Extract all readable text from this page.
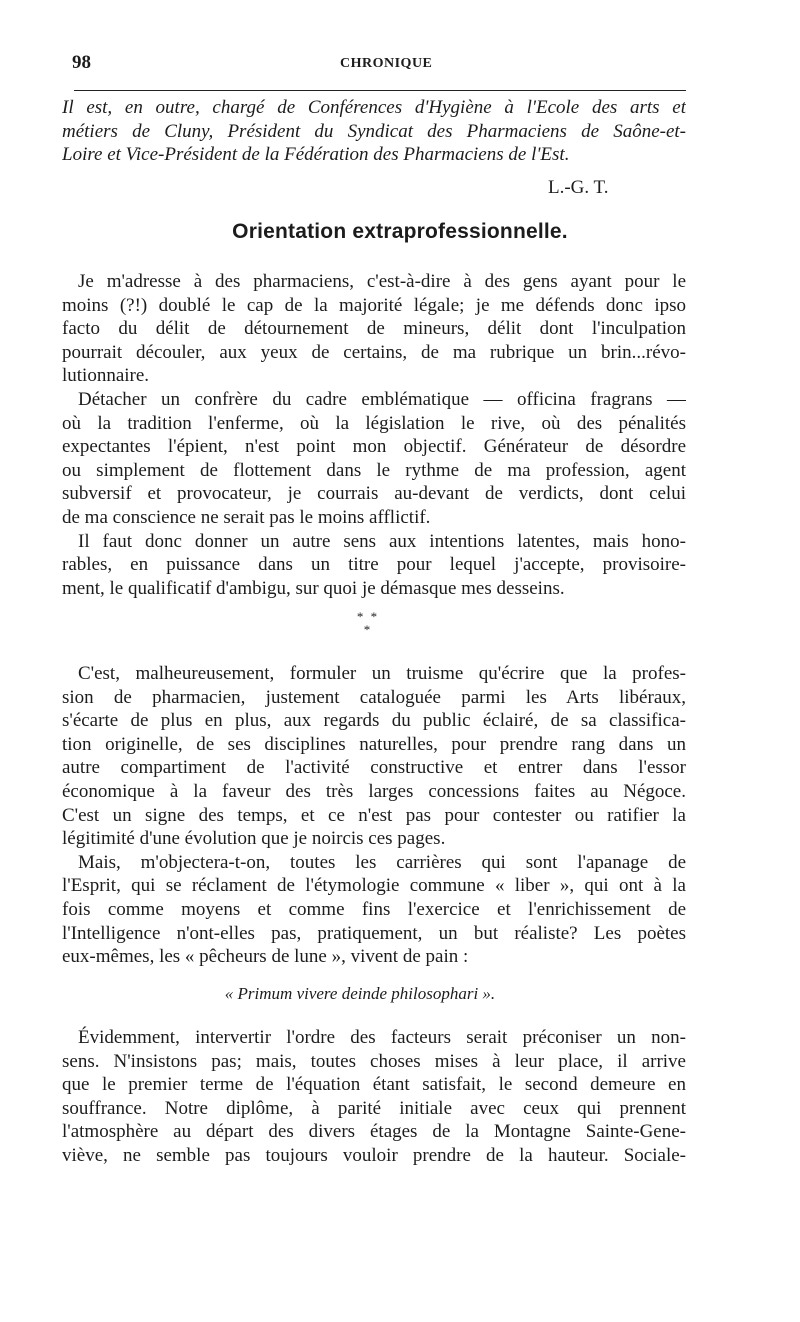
98	CHRONIQUE
Il est, en outre, chargé de Conférences d'Hygiène à l'Ecole des arts et
métiers de Cluny, Président du Syndicat des Pharmaciens de Saône-et-
Loire et Vice-Président de la Fédération des Pharmaciens de l'Est.
L.-G. T.
Orientation extraprofessionnelle.
Je m'adresse à des pharmaciens, c'est-à-dire à des gens ayant pour le
moins (?!) doublé le cap de la majorité légale; je me défends donc ipso
facto du délit de détournement de mineurs, délit dont l'inculpation
pourrait découler, aux yeux de certains, de ma rubrique un brin...révo-
lutionnaire.
Détacher un confrère du cadre emblématique — officina fragrans —
où la tradition l'enferme, où la législation le rive, où des pénalités
expectantes l'épient, n'est point mon objectif. Générateur de désordre
ou simplement de flottement dans le rythme de ma profession, agent
subversif et provocateur, je courrais au-devant de verdicts, dont celui
de ma conscience ne serait pas le moins afflictif.
Il faut donc donner un autre sens aux intentions latentes, mais hono-
rables, en puissance dans un titre pour lequel j'accepte, provisoire-
ment, le qualificatif d'ambigu, sur quoi je démasque mes desseins.
* * *
C'est, malheureusement, formuler un truisme qu'écrire que la profes-
sion de pharmacien, justement cataloguée parmi les Arts libéraux,
s'écarte de plus en plus, aux regards du public éclairé, de sa classifica-
tion originelle, de ses disciplines naturelles, pour prendre rang dans un
autre compartiment de l'activité constructive et entrer dans l'essor
économique à la faveur des très larges concessions faites au Négoce.
C'est un signe des temps, et ce n'est pas pour contester ou ratifier la
légitimité d'une évolution que je noircis ces pages.
Mais, m'objectera-t-on, toutes les carrières qui sont l'apanage de
l'Esprit, qui se réclament de l'étymologie commune « liber », qui ont à la
fois comme moyens et comme fins l'exercice et l'enrichissement de
l'Intelligence n'ont-elles pas, pratiquement, un but réaliste? Les poètes
eux-mêmes, les « pêcheurs de lune », vivent de pain :
« Primum vivere deinde philosophari ».
Évidemment, intervertir l'ordre des facteurs serait préconiser un non-
sens. N'insistons pas; mais, toutes choses mises à leur place, il arrive
que le premier terme de l'équation étant satisfait, le second demeure en
souffrance. Notre diplôme, à parité initiale avec ceux qui prennent
l'atmosphère au départ des divers étages de la Montagne Sainte-Gene-
viève, ne semble pas toujours vouloir prendre de la hauteur. Sociale-
